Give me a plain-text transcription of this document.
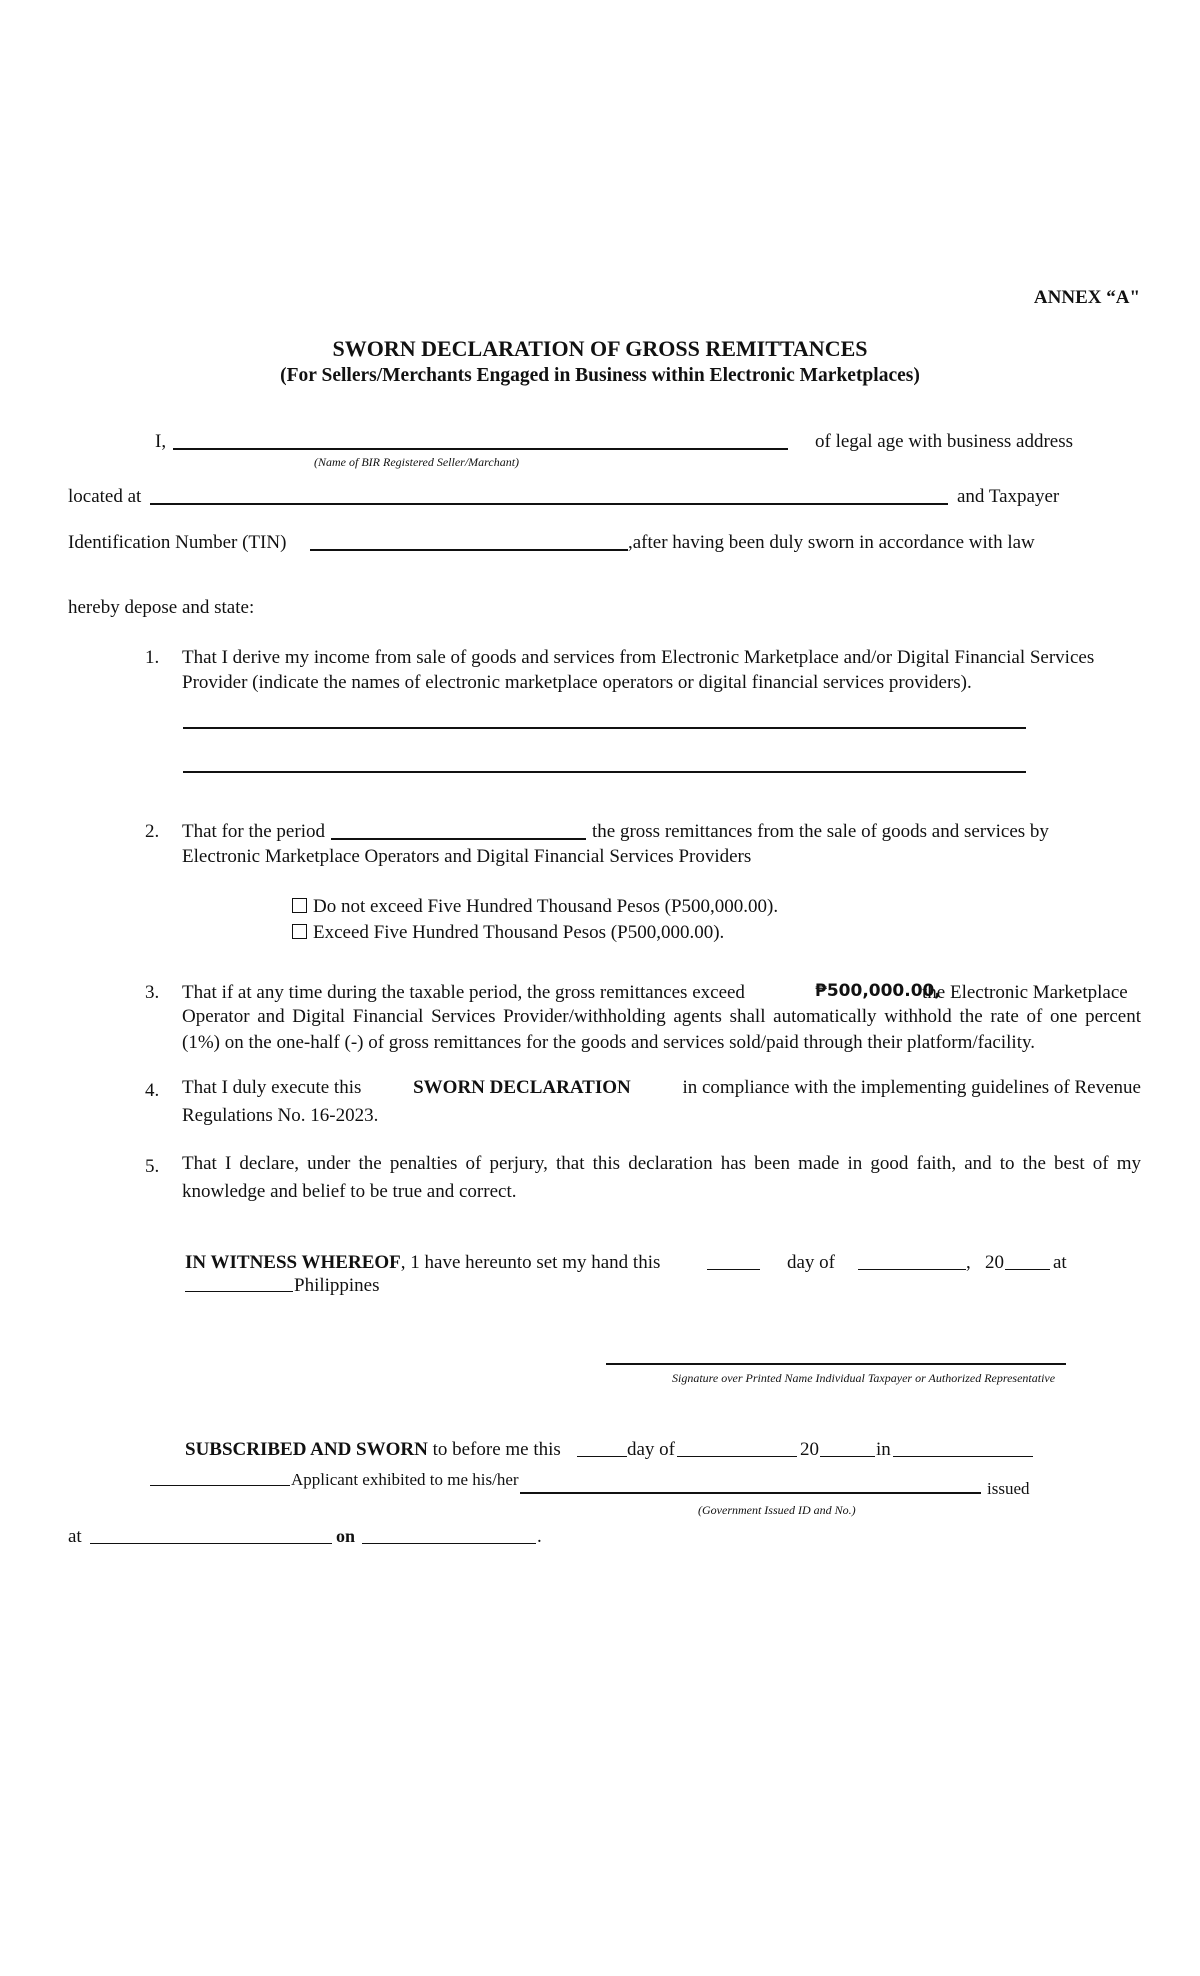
ANNEX “A"
SWORN DECLARATION OF GROSS REMITTANCES
(For Sellers/Merchants Engaged in Business within Electronic Marketplaces)
I,	of legal age with business address
(Name of BIR Registered Seller/Marchant)
located at	and Taxpayer
Identification Number (TIN)	,after having been duly sworn in accordance with law
hereby depose and state:
1. That I derive my income from sale of goods and services from Electronic Marketplace and/or Digital Financial Services
Provider (indicate the names of electronic marketplace operators or digital financial services providers).
2. That for the period	the gross remittances from the sale of goods and services by
Electronic Marketplace Operators and Digital Financial Services Providers
Do not exceed Five Hundred Thousand Pesos (P500,000.00).
Exceed Five Hundred Thousand Pesos (P500,000.00).
3. That if at any time during the taxable period, the gross remittances exceed	₱500,000.00,
the Electronic Marketplace
Operator and Digital Financial Services Provider/withholding agents shall automatically withhold the rate of one percent
(1%) on the one-half (-) of gross remittances for the goods and services sold/paid through their platform/facility.
4. That I duly execute this	SWORN DECLARATION	in compliance with the implementing guidelines of Revenue
Regulations No. 16-2023.
5. That I declare, under the penalties of perjury, that this declaration has been made in good faith, and to the best of my
knowledge and belief to be true and correct.
IN WITNESS WHEREOF, 1 have hereunto set my hand this	day of	, 20	at
Philippines
Signature over Printed Name Individual Taxpayer or Authorized Representative
SUBSCRIBED AND SWORN to before me this	day of	20	in
Applicant exhibited to me his/her	issued
(Government Issued ID and No.)
at	on	.
